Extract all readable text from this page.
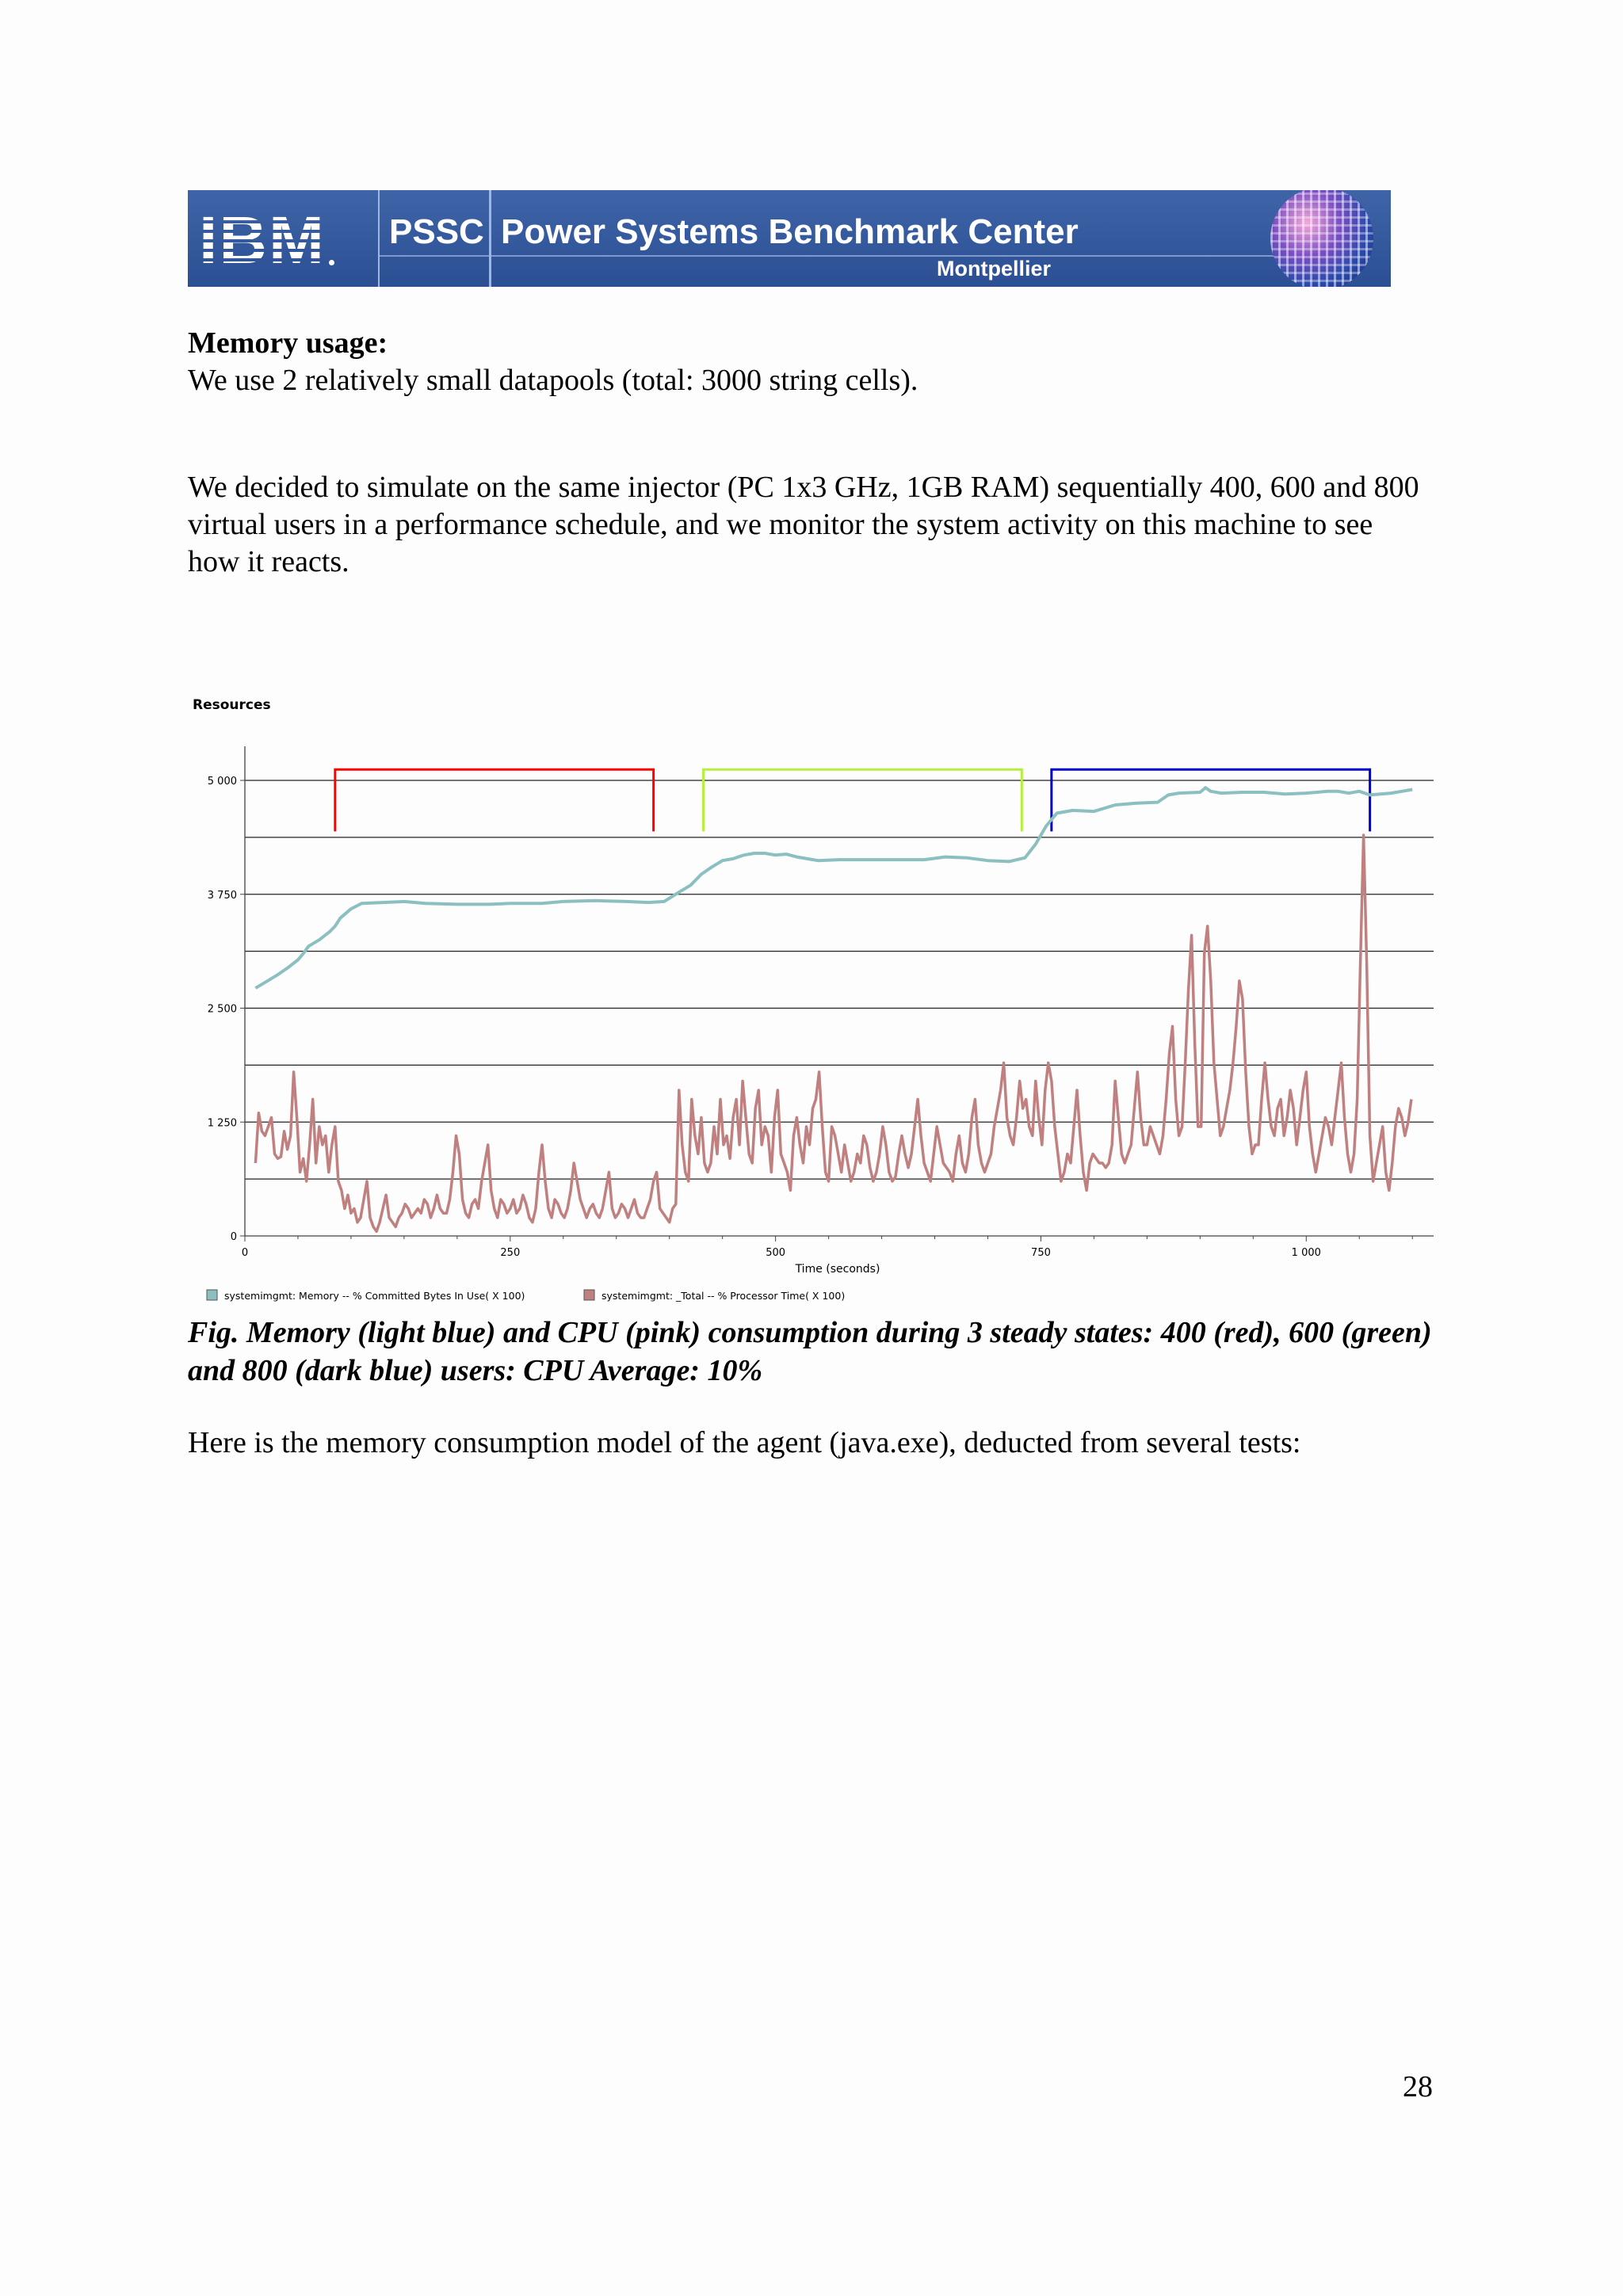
IBM PSSC Power Systems Benchmark Center
Montpellier
Memory usage:
We use 2 relatively small datapools (total: 3000 string cells).
We decided to simulate on the same injector (PC 1x3 GHz, 1GB RAM) sequentially 400, 600 and 800 virtual users in a performance schedule, and we monitor the system activity on this machine to see how it reacts.
Resources
0
1 250
2 500
3 750
5 000
0	250	500	750	1 000
Time (seconds)
systemimgmt: Memory -- % Committed Bytes In Use( X 100)	systemimgmt: _Total -- % Processor Time( X 100)
Fig. Memory (light blue) and CPU (pink) consumption during 3 steady states: 400 (red), 600 (green) and 800 (dark blue) users: CPU Average: 10%
Here is the memory consumption model of the agent (java.exe), deducted from several tests:
28
